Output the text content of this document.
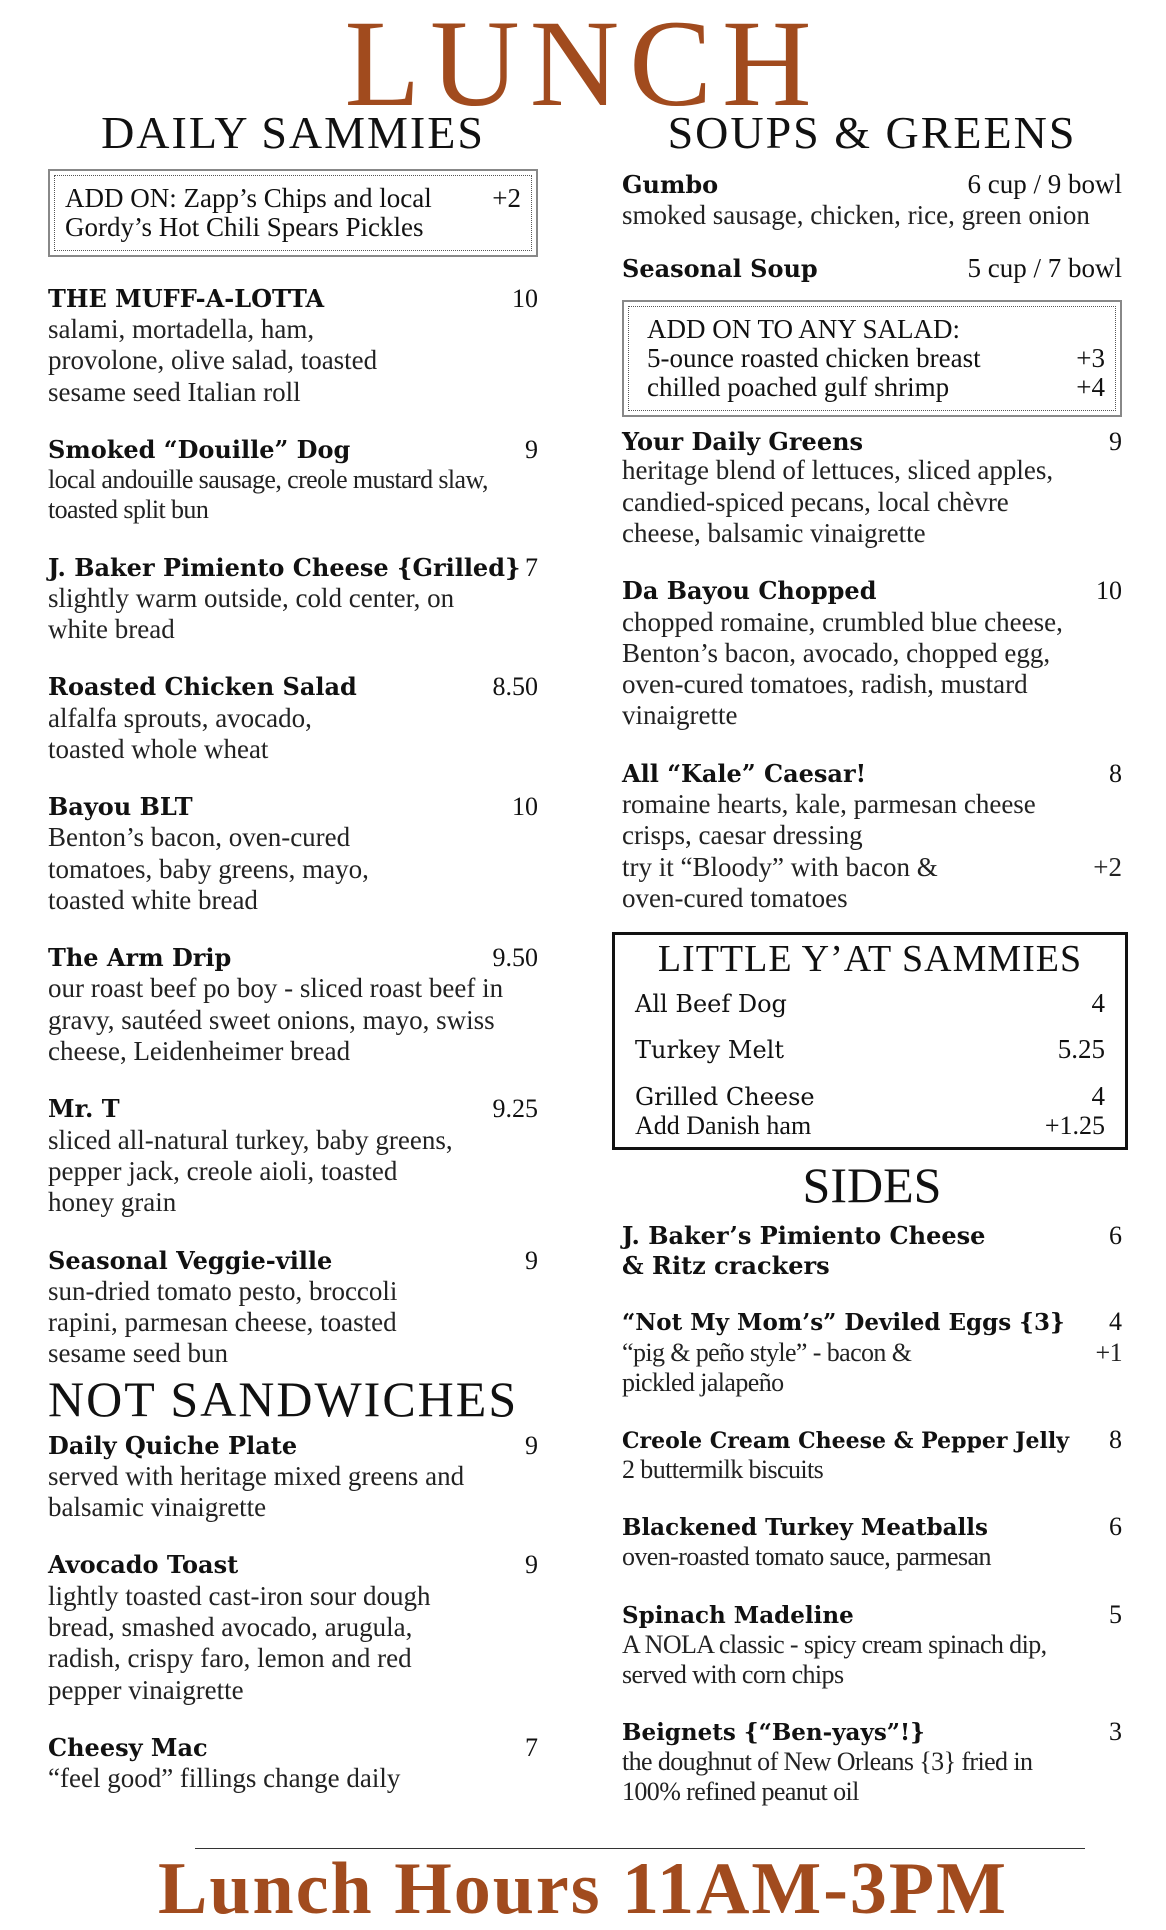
LUNCH
DAILY SAMMIES
ADD ON: Zapp’s Chips and local +2
Gordy’s Hot Chili Spears Pickles
THE MUFF-A-LOTTA	10
salami, mortadella, ham, provolone, olive salad, toasted sesame seed Italian roll
Smoked “Douille” Dog	9
local andouille sausage, creole mustard slaw, toasted split bun
J. Baker Pimiento Cheese {Grilled} 7
slightly warm outside, cold center, on white bread
Roasted Chicken Salad	8.50
alfalfa sprouts, avocado, toasted whole wheat
Bayou BLT	10
Benton’s bacon, oven-cured tomatoes, baby greens, mayo, toasted white bread
The Arm Drip	9.50
our roast beef po boy - sliced roast beef in gravy, sautéed sweet onions, mayo, swiss cheese, Leidenheimer bread
Mr. T	9.25
sliced all-natural turkey, baby greens, pepper jack, creole aioli, toasted honey grain
Seasonal Veggie-ville	9
sun-dried tomato pesto, broccoli rapini, parmesan cheese, toasted sesame seed bun
NOT SANDWICHES
Daily Quiche Plate	9
served with heritage mixed greens and balsamic vinaigrette
Avocado Toast	9
lightly toasted cast-iron sour dough bread, smashed avocado, arugula, radish, crispy faro, lemon and red pepper vinaigrette
Cheesy Mac	7
“feel good” fillings change daily
SOUPS & GREENS
Gumbo	6 cup / 9 bowl
smoked sausage, chicken, rice, green onion
Seasonal Soup	5 cup / 7 bowl
ADD ON TO ANY SALAD:
5-ounce roasted chicken breast	+3
chilled poached gulf shrimp	+4
Your Daily Greens	9
heritage blend of lettuces, sliced apples, candied-spiced pecans, local chèvre cheese, balsamic vinaigrette
Da Bayou Chopped	10
chopped romaine, crumbled blue cheese, Benton’s bacon, avocado, chopped egg, oven-cured tomatoes, radish, mustard vinaigrette
All “Kale” Caesar!	8
romaine hearts, kale, parmesan cheese crisps, caesar dressing
try it “Bloody” with bacon &	+2
oven-cured tomatoes
LITTLE Y’AT SAMMIES
All Beef Dog	4
Turkey Melt	5.25
Grilled Cheese	4
Add Danish ham	+1.25
SIDES
J. Baker’s Pimiento Cheese	6
& Ritz crackers
“Not My Mom’s” Deviled Eggs {3} 4
“pig & peño style” - bacon &	+1
pickled jalapeño
Creole Cream Cheese & Pepper Jelly 8
2 buttermilk biscuits
Blackened Turkey Meatballs	6
oven-roasted tomato sauce, parmesan
Spinach Madeline	5
A NOLA classic - spicy cream spinach dip, served with corn chips
Beignets {“Ben-yays”!}	3
the doughnut of New Orleans {3} fried in 100% refined peanut oil
Lunch Hours 11AM-3PM
